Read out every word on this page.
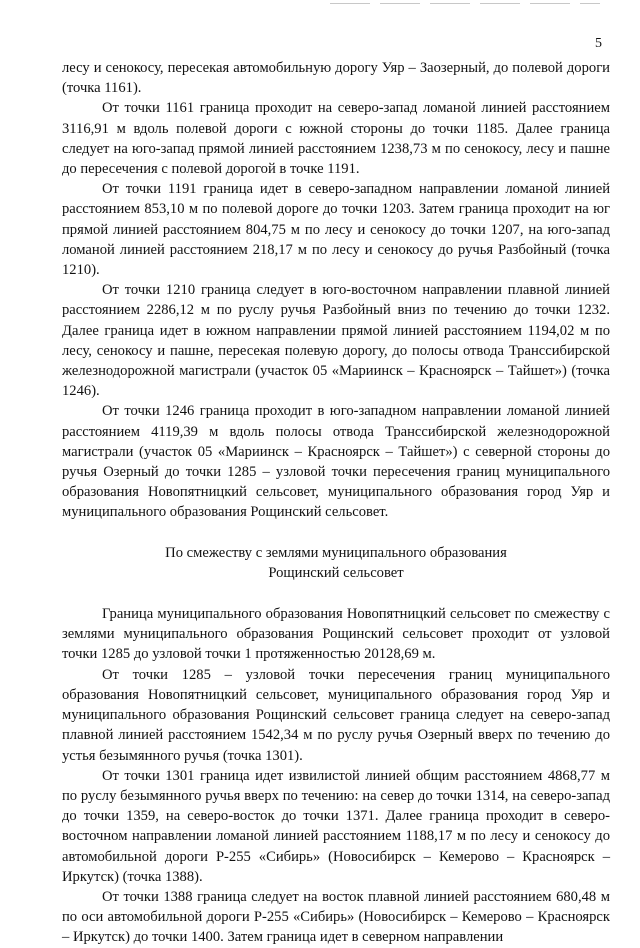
5

лесу и сенокосу, пересекая автомобильную дорогу Уяр – Заозерный, до полевой дороги (точка 1161).

От точки 1161 граница проходит на северо-запад ломаной линией расстоянием 3116,91 м вдоль полевой дороги с южной стороны до точки 1185. Далее граница следует на юго-запад прямой линией расстоянием 1238,73 м по сенокосу, лесу и пашне до пересечения с полевой дорогой в точке 1191.

От точки 1191 граница идет в северо-западном направлении ломаной линией расстоянием 853,10 м по полевой дороге до точки 1203. Затем граница проходит на юг прямой линией расстоянием 804,75 м по лесу и сенокосу до точки 1207, на юго-запад ломаной линией расстоянием 218,17 м по лесу и сенокосу до ручья Разбойный (точка 1210).

От точки 1210 граница следует в юго-восточном направлении плавной линией расстоянием 2286,12 м по руслу ручья Разбойный вниз по течению до точки 1232. Далее граница идет в южном направлении прямой линией расстоянием 1194,02 м по лесу, сенокосу и пашне, пересекая полевую дорогу, до полосы отвода Транссибирской железнодорожной магистрали (участок 05 «Мариинск – Красноярск – Тайшет») (точка 1246).

От точки 1246 граница проходит в юго-западном направлении ломаной линией расстоянием 4119,39 м вдоль полосы отвода Транссибирской железнодорожной магистрали (участок 05 «Мариинск – Красноярск – Тайшет») с северной стороны до ручья Озерный до точки 1285 – узловой точки пересечения границ муниципального образования Новопятницкий сельсовет, муниципального образования город Уяр и муниципального образования Рощинский сельсовет.

По смежеству с землями муниципального образования
Рощинский сельсовет

Граница муниципального образования Новопятницкий сельсовет по смежеству с землями муниципального образования Рощинский сельсовет проходит от узловой точки 1285 до узловой точки 1 протяженностью 20128,69 м.

От точки 1285 – узловой точки пересечения границ муниципального образования Новопятницкий сельсовет, муниципального образования город Уяр и муниципального образования Рощинский сельсовет граница следует на северо-запад плавной линией расстоянием 1542,34 м по руслу ручья Озерный вверх по течению до устья безымянного ручья (точка 1301).

От точки 1301 граница идет извилистой линией общим расстоянием 4868,77 м по руслу безымянного ручья вверх по течению: на север до точки 1314, на северо-запад до точки 1359, на северо-восток до точки 1371. Далее граница проходит в северо-восточном направлении ломаной линией расстоянием 1188,17 м по лесу и сенокосу до автомобильной дороги Р-255 «Сибирь» (Новосибирск – Кемерово – Красноярск – Иркутск) (точка 1388).

От точки 1388 граница следует на восток плавной линией расстоянием 680,48 м по оси автомобильной дороги Р-255 «Сибирь» (Новосибирск – Кемерово – Красноярск – Иркутск) до точки 1400. Затем граница идет в северном направлении
